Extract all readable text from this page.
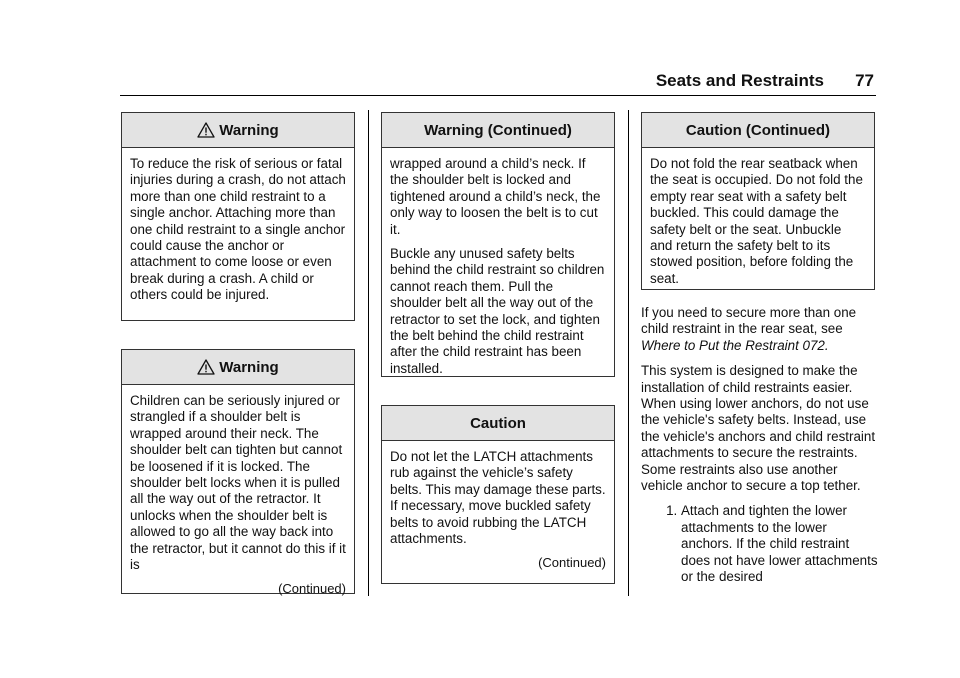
Seats and Restraints 77
Warning

To reduce the risk of serious or fatal injuries during a crash, do not attach more than one child restraint to a single anchor. Attaching more than one child restraint to a single anchor could cause the anchor or attachment to come loose or even break during a crash. A child or others could be injured.

Warning

Children can be seriously injured or strangled if a shoulder belt is wrapped around their neck. The shoulder belt can tighten but cannot be loosened if it is locked. The shoulder belt locks when it is pulled all the way out of the retractor. It unlocks when the shoulder belt is allowed to go all the way back into the retractor, but it cannot do this if it is

(Continued)
Warning (Continued)

wrapped around a child’s neck. If the shoulder belt is locked and tightened around a child’s neck, the only way to loosen the belt is to cut it.

Buckle any unused safety belts behind the child restraint so children cannot reach them. Pull the shoulder belt all the way out of the retractor to set the lock, and tighten the belt behind the child restraint after the child restraint has been installed.

Caution

Do not let the LATCH attachments rub against the vehicle’s safety belts. This may damage these parts. If necessary, move buckled safety belts to avoid rubbing the LATCH attachments.

(Continued)
Caution (Continued)

Do not fold the rear seatback when the seat is occupied. Do not fold the empty rear seat with a safety belt buckled. This could damage the safety belt or the seat. Unbuckle and return the safety belt to its stowed position, before folding the seat.

If you need to secure more than one child restraint in the rear seat, see Where to Put the Restraint 072.

This system is designed to make the installation of child restraints easier. When using lower anchors, do not use the vehicle's safety belts. Instead, use the vehicle's anchors and child restraint attachments to secure the restraints. Some restraints also use another vehicle anchor to secure a top tether.

1. Attach and tighten the lower attachments to the lower anchors. If the child restraint does not have lower attachments or the desired
